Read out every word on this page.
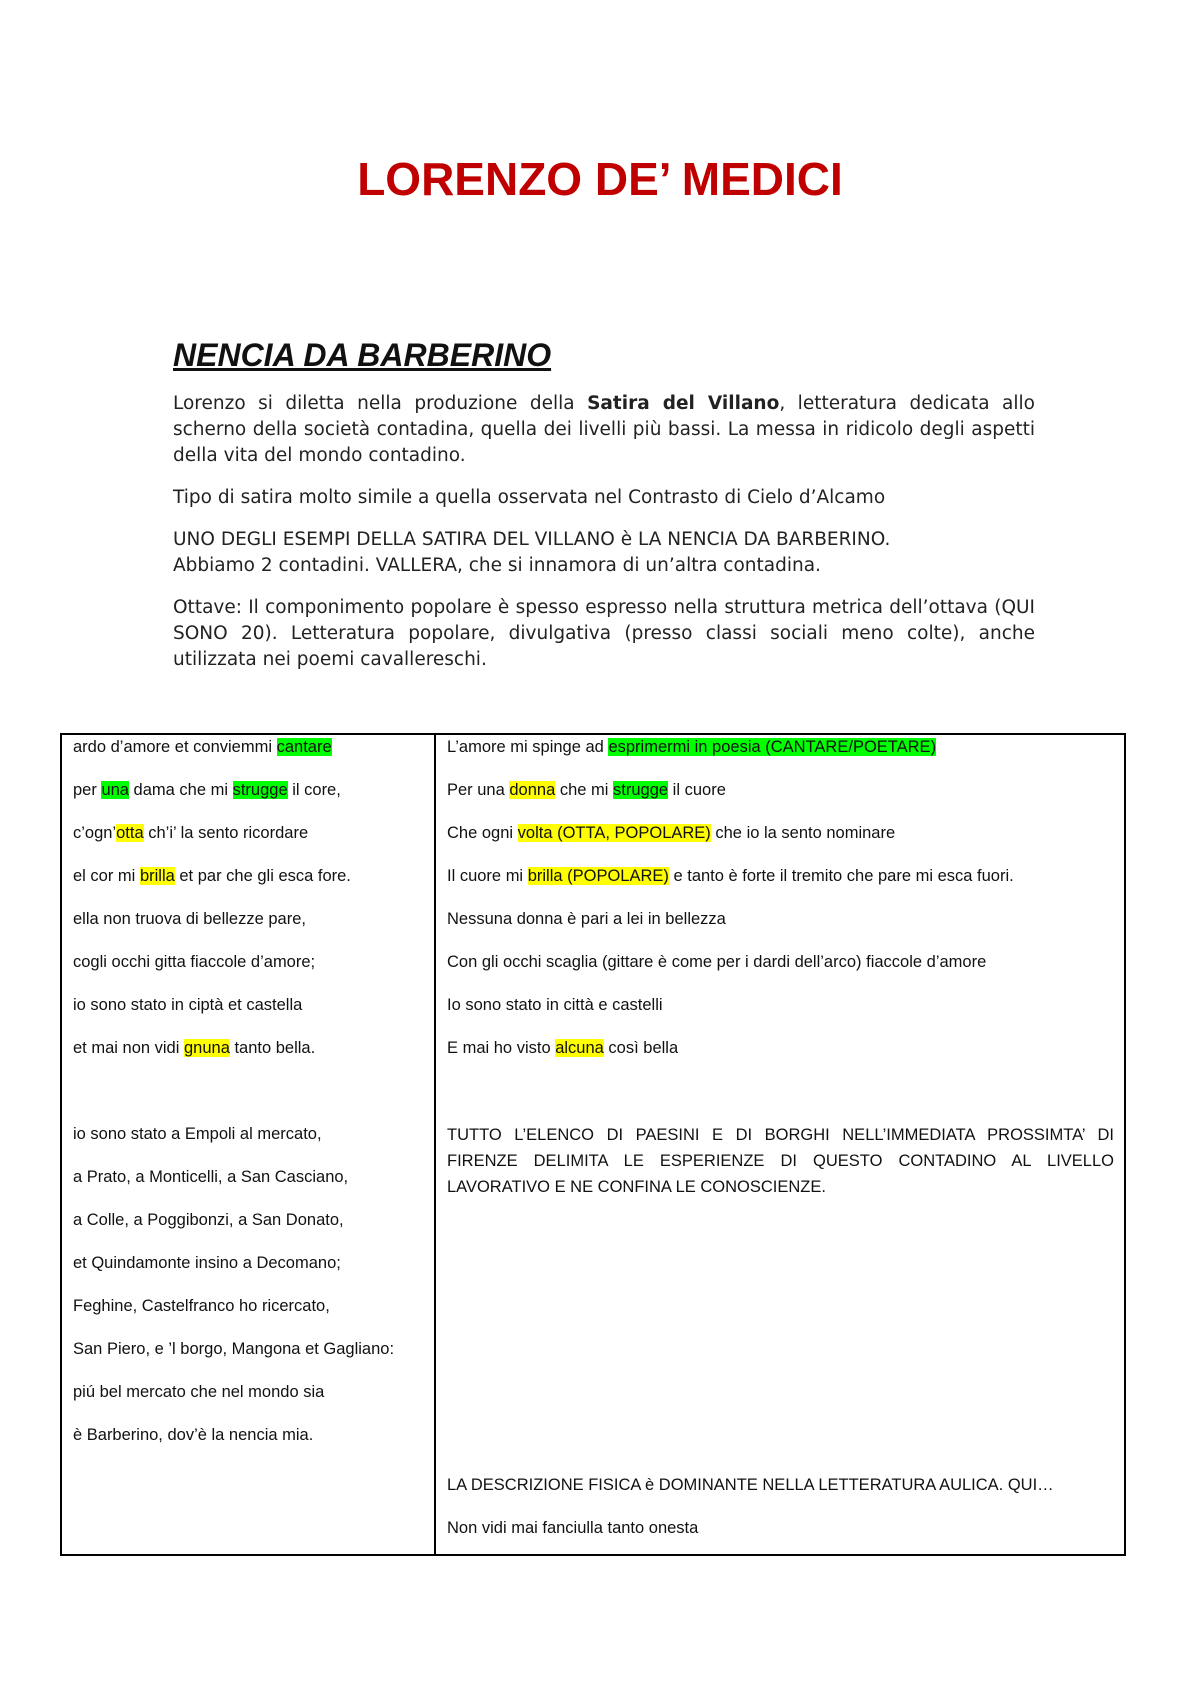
LORENZO DE’ MEDICI
NENCIA DA BARBERINO

Lorenzo si diletta nella produzione della Satira del Villano, letteratura dedicata allo scherno della società contadina, quella dei livelli più bassi. La messa in ridicolo degli aspetti della vita del mondo contadino.

Tipo di satira molto simile a quella osservata nel Contrasto di Cielo d’Alcamo

UNO DEGLI ESEMPI DELLA SATIRA DEL VILLANO è LA NENCIA DA BARBERINO.
Abbiamo 2 contadini. VALLERA, che si innamora di un’altra contadina.

Ottave: Il componimento popolare è spesso espresso nella struttura metrica dell’ottava (QUI SONO 20). Letteratura popolare, divulgativa (presso classi sociali meno colte), anche utilizzata nei poemi cavallereschi.

ardo d’amore et conviemmi cantare
per una dama che mi strugge il core,
c’ogn’otta ch’i’ la sento ricordare
el cor mi brilla et par che gli esca fore.
ella non truova di bellezze pare,
cogli occhi gitta fiaccole d’amore;
io sono stato in ciptà et castella
et mai non vidi gnuna tanto bella.
io sono stato a Empoli al mercato,
a Prato, a Monticelli, a San Casciano,
a Colle, a Poggibonzi, a San Donato,
et Quindamonte insino a Decomano;
Feghine, Castelfranco ho ricercato,
San Piero, e ’l borgo, Mangona et Gagliano:
piú bel mercato che nel mondo sia
è Barberino, dov’è la nencia mia.
L’amore mi spinge ad esprimermi in poesia (CANTARE/POETARE)
Per una donna che mi strugge il cuore
Che ogni volta (OTTA, POPOLARE) che io la sento nominare
Il cuore mi brilla (POPOLARE) e tanto è forte il tremito che pare mi esca fuori.
Nessuna donna è pari a lei in bellezza
Con gli occhi scaglia (gittare è come per i dardi dell’arco) fiaccole d’amore
Io sono stato in città e castelli
E mai ho visto alcuna così bella
TUTTO L’ELENCO DI PAESINI E DI BORGHI NELL’IMMEDIATA PROSSIMTA’ DI FIRENZE DELIMITA LE ESPERIENZE DI QUESTO CONTADINO AL LIVELLO LAVORATIVO E NE CONFINA LE CONOSCIENZE.
LA DESCRIZIONE FISICA è DOMINANTE NELLA LETTERATURA AULICA. QUI…
Non vidi mai fanciulla tanto onesta
